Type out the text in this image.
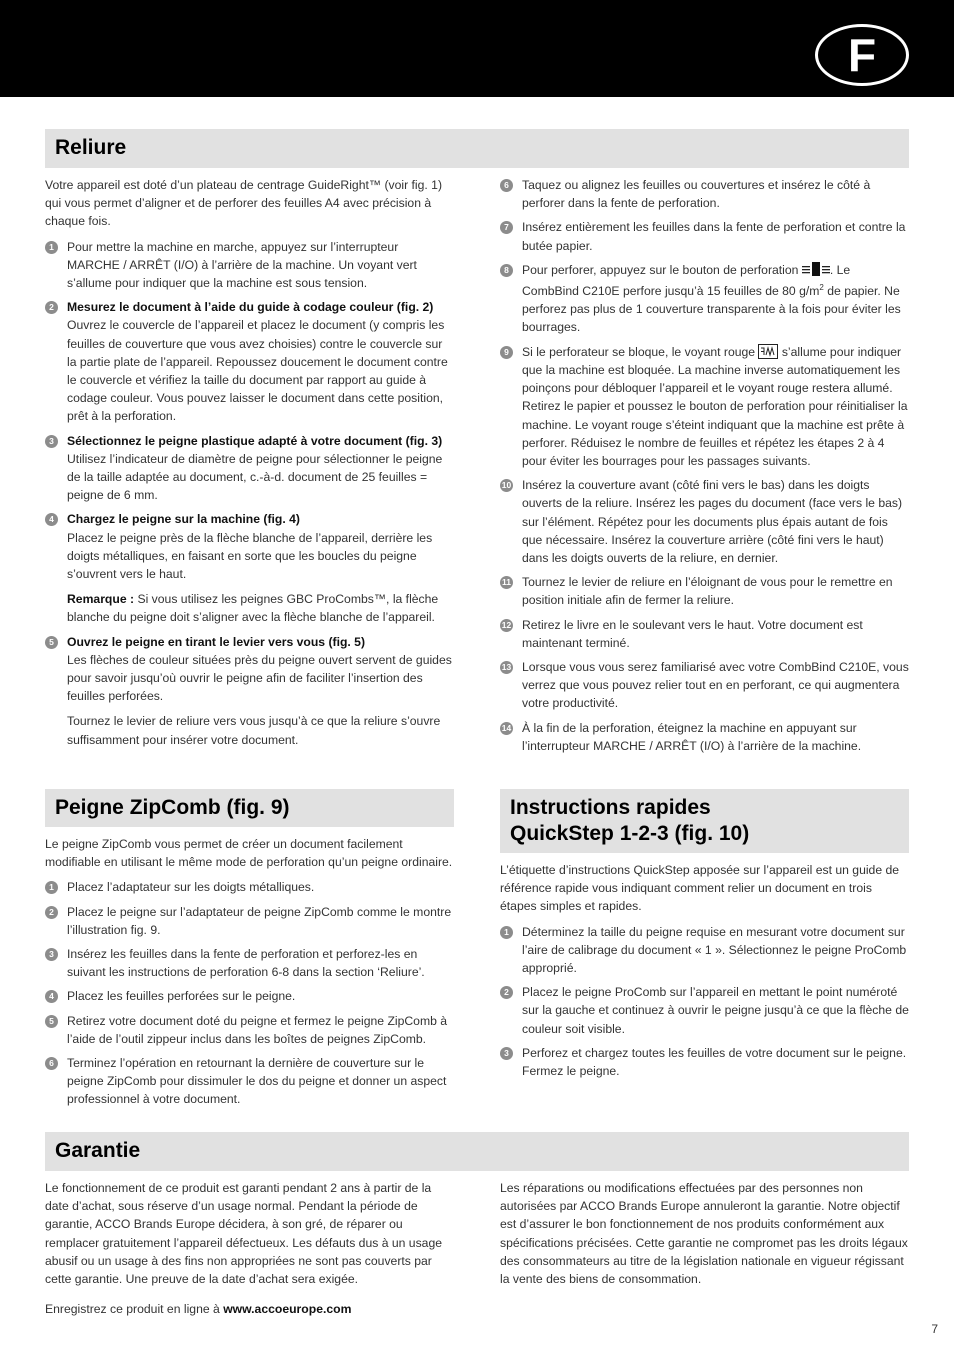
F
Reliure

Votre appareil est doté d’un plateau de centrage GuideRight™ (voir fig. 1) qui vous permet d’aligner et de perforer des feuilles A4 avec précision à chaque fois.

1	Pour mettre la machine en marche, appuyez sur l’interrupteur MARCHE / ARRÊT (I/O) à l’arrière de la machine. Un voyant vert s’allume pour indiquer que la machine est sous tension.
2	Mesurez le document à l’aide du guide à codage couleur (fig. 2)
Ouvrez le couvercle de l’appareil et placez le document (y compris les feuilles de couverture que vous avez choisies) contre le couvercle sur la partie plate de l’appareil. Repoussez doucement le document contre le couvercle et vérifiez la taille du document par rapport au guide à codage couleur. Vous pouvez laisser le document dans cette position, prêt à la perforation.
3	Sélectionnez le peigne plastique adapté à votre document (fig. 3)
Utilisez l’indicateur de diamètre de peigne pour sélectionner le peigne de la taille adaptée au document, c.-à-d. document de 25 feuilles = peigne de 6 mm.
4	Chargez le peigne sur la machine (fig. 4)
Placez le peigne près de la flèche blanche de l’appareil, derrière les doigts métalliques, en faisant en sorte que les boucles du peigne s’ouvrent vers le haut.
Remarque : Si vous utilisez les peignes GBC ProCombs™, la flèche blanche du peigne doit s’aligner avec la flèche blanche de l’appareil.
5	Ouvrez le peigne en tirant le levier vers vous (fig. 5)
Les flèches de couleur situées près du peigne ouvert servent de guides pour savoir jusqu’où ouvrir le peigne afin de faciliter l’insertion des feuilles perforées.
Tournez le levier de reliure vers vous jusqu’à ce que la reliure s’ouvre suffisamment pour insérer votre document.
6	Taquez ou alignez les feuilles ou couvertures et insérez le côté à perforer dans la fente de perforation.
7	Insérez entièrement les feuilles dans la fente de perforation et contre la butée papier.
8	Pour perforer, appuyez sur le bouton de perforation	. Le CombBind C210E perfore jusqu’à 15 feuilles de 80 $g/m^2$ de papier. Ne perforez pas plus de 1 couverture transparente à la fois pour éviter les bourrages.
9	Si le perforateur se bloque, le voyant rouge  s’allume pour indiquer que la machine est bloquée. La machine inverse automatiquement les poinçons pour débloquer l’appareil et le voyant rouge restera allumé. Retirez le papier et poussez le bouton de perforation pour réinitialiser la machine. Le voyant rouge s’éteint indiquant que la machine est prête à perforer. Réduisez le nombre de feuilles et répétez les étapes 2 à 4 pour éviter les bourrages pour les passages suivants.
10 Insérez la couverture avant (côté fini vers le bas) dans les doigts ouverts de la reliure. Insérez les pages du document (face vers le bas) sur l’élément. Répétez pour les documents plus épais autant de fois que nécessaire. Insérez la couverture arrière (côté fini vers le haut) dans les doigts ouverts de la reliure, en dernier.
11 Tournez le levier de reliure en l’éloignant de vous pour le remettre en position initiale afin de fermer la reliure.
12 Retirez le livre en le soulevant vers le haut. Votre document est maintenant terminé.
13 Lorsque vous vous serez familiarisé avec votre CombBind C210E, vous verrez que vous pouvez relier tout en en perforant, ce qui augmentera votre productivité.
14 À la fin de la perforation, éteignez la machine en appuyant sur l’interrupteur MARCHE / ARRÊT (I/O) à l’arrière de la machine.
Peigne ZipComb (fig. 9)

Le peigne ZipComb vous permet de créer un document facilement modifiable en utilisant le même mode de perforation qu’un peigne ordinaire.

1	Placez l’adaptateur sur les doigts métalliques.
2	Placez le peigne sur l’adaptateur de peigne ZipComb comme le montre l’illustration fig. 9.
3	Insérez les feuilles dans la fente de perforation et perforez-les en suivant les instructions de perforation 6-8 dans la section ‘Reliure’.
4	Placez les feuilles perforées sur le peigne.
5	Retirez votre document doté du peigne et fermez le peigne ZipComb à l’aide de l’outil zippeur inclus dans les boîtes de peignes ZipComb.
6	Terminez l’opération en retournant la dernière de couverture sur le peigne ZipComb pour dissimuler le dos du peigne et donner un aspect professionnel à votre document.
Instructions rapides
QuickStep 1-2-3 (fig. 10)

L’étiquette d’instructions QuickStep apposée sur l’appareil est un guide de référence rapide vous indiquant comment relier un document en trois étapes simples et rapides.

1	Déterminez la taille du peigne requise en mesurant votre document sur l’aire de calibrage du document « 1 ». Sélectionnez le peigne ProComb approprié.
2	Placez le peigne ProComb sur l’appareil en mettant le point numéroté sur la gauche et continuez à ouvrir le peigne jusqu’à ce que la flèche de couleur soit visible.
3	Perforez et chargez toutes les feuilles de votre document sur le peigne. Fermez le peigne.
Garantie

Le fonctionnement de ce produit est garanti pendant 2 ans à partir de la date d’achat, sous réserve d’un usage normal. Pendant la période de garantie, ACCO Brands Europe décidera, à son gré, de réparer ou remplacer gratuitement l’appareil défectueux. Les défauts dus à un usage abusif ou un usage à des fins non appropriées ne sont pas couverts par cette garantie. Une preuve de la date d’achat sera exigée.

Enregistrez ce produit en ligne à www.accoeurope.com

Les réparations ou modifications effectuées par des personnes non autorisées par ACCO Brands Europe annuleront la garantie. Notre objectif est d’assurer le bon fonctionnement de nos produits conformément aux spécifications précisées. Cette garantie ne compromet pas les droits légaux des consommateurs au titre de la législation nationale en vigueur régissant la vente des biens de consommation.

7
